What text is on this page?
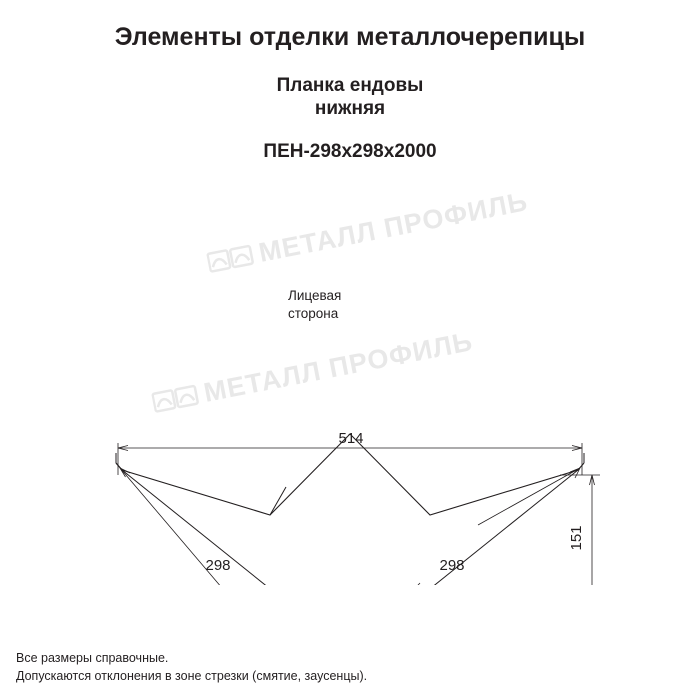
Элементы отделки металлочерепицы
Планка ендовы
нижняя
ПЕН-298х298х2000
МЕТАЛЛ ПРОФИЛЬ
МЕТАЛЛ ПРОФИЛЬ
514
298	298
151
Лицевая
сторона
Все размеры справочные.
Допускаются отклонения в зоне стрезки (смятие, заусенцы).
